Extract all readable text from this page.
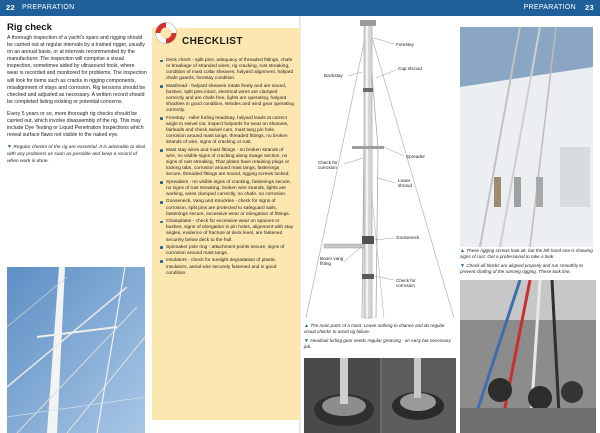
22 PREPARATION	PREPARATION 23
Rig check

A thorough inspection of a yacht's spars and rigging should be carried out at regular intervals by a trained rigger, usually on an annual basis, or at intervals recommended by the manufacturer. The inspection will comprise a visual inspection, sometimes aided by ultrasound tools, where wear is recorded and monitored for problems. The inspection will look for items such as cracks in rigging components, misalignment of stays and corrosion. Rig tensions should be checked and adjusted as necessary. A written record should be completed listing existing or potential concerns.

Every 5 years or so, more thorough rig checks should be carried out, which involve disassembly of the rig. This may include Dye Testing or Liquid Penetration Inspections which reveal surface flaws not visible to the naked eye.

▼ Regular checks of the rig are essential. It is advisable to deal with any problems as soon as possible and keep a record of when work is done.

CHECKLIST
Deck check - split pins, adequacy of threaded fittings, chafe or breakage of stranded wires, rig cracking, rust streaking, condition of mast collar sheaves, halyard alignment, halyard chafe guards, forestay condition.
Masthead - halyard sheaves rotate freely and are sound, bushes, split pins intact, electrical wires are clamped correctly and are chafe free, lights are operating, halyard shackles in good condition, Windex and wind gear operating correctly.
Forestay - roller furling headstay, halyard leads at correct angle to swivel car, inspect halyards for wear on sheaves, fairleads and check swivel cars, mast tang pin hole, corrosion around mast tangs, threaded fittings, no broken strands of wire, signs of cracking or rust.
Mast stay wires and mast fittings - no broken strands of wire, no visible signs of cracking along swage section, no signs of rust streaking, Tbar plates have retaining plugs or locking tabs, corrosion around mast tangs, fastenings secure, threaded fittings are sound, rigging screws locked.
Spreaders - no visible signs of cracking, fastenings secure, no signs of rust streaking, broken wire strands, lights are working, wires clamped correctly, no chafe, no corrosion.
Gooseneck, Vang and Knuckles - check for signs of corrosion, split pins are protected to safeguard sails, fastenings secure, excessive wear or elongation of fittings.
Chainplates - check for excessive wear on spacers or bushes, signs of elongation in pin holes, alignment with stay angles, evidence of fracture at deck level, are fastened securely below deck to the hull.
Spinnaker pole ring - attachment points secure, signs of corrosion around mast tangs.
Insulators - check for sunlight degradation of plastic insulators, aerial wire securely fastened and in good condition.
Forestay
Backstay
Cap shroud
Spreader
Lower shroud
Check for corrosion
Gooseneck
Boom vang fitting
Check for corrosion

▲ The main parts of a mast. Leave nothing to chance and do regular visual checks to avoid rig failure.

▼ Headsail furling gear needs regular greasing - an easy but necessary job.

▲ These rigging screws look ok, but the left hand one is showing signs of rust. Get a professional to take a look.

▼ Check all blocks are aligned properly and run smoothly to prevent chafing of the running rigging. These look fine.
